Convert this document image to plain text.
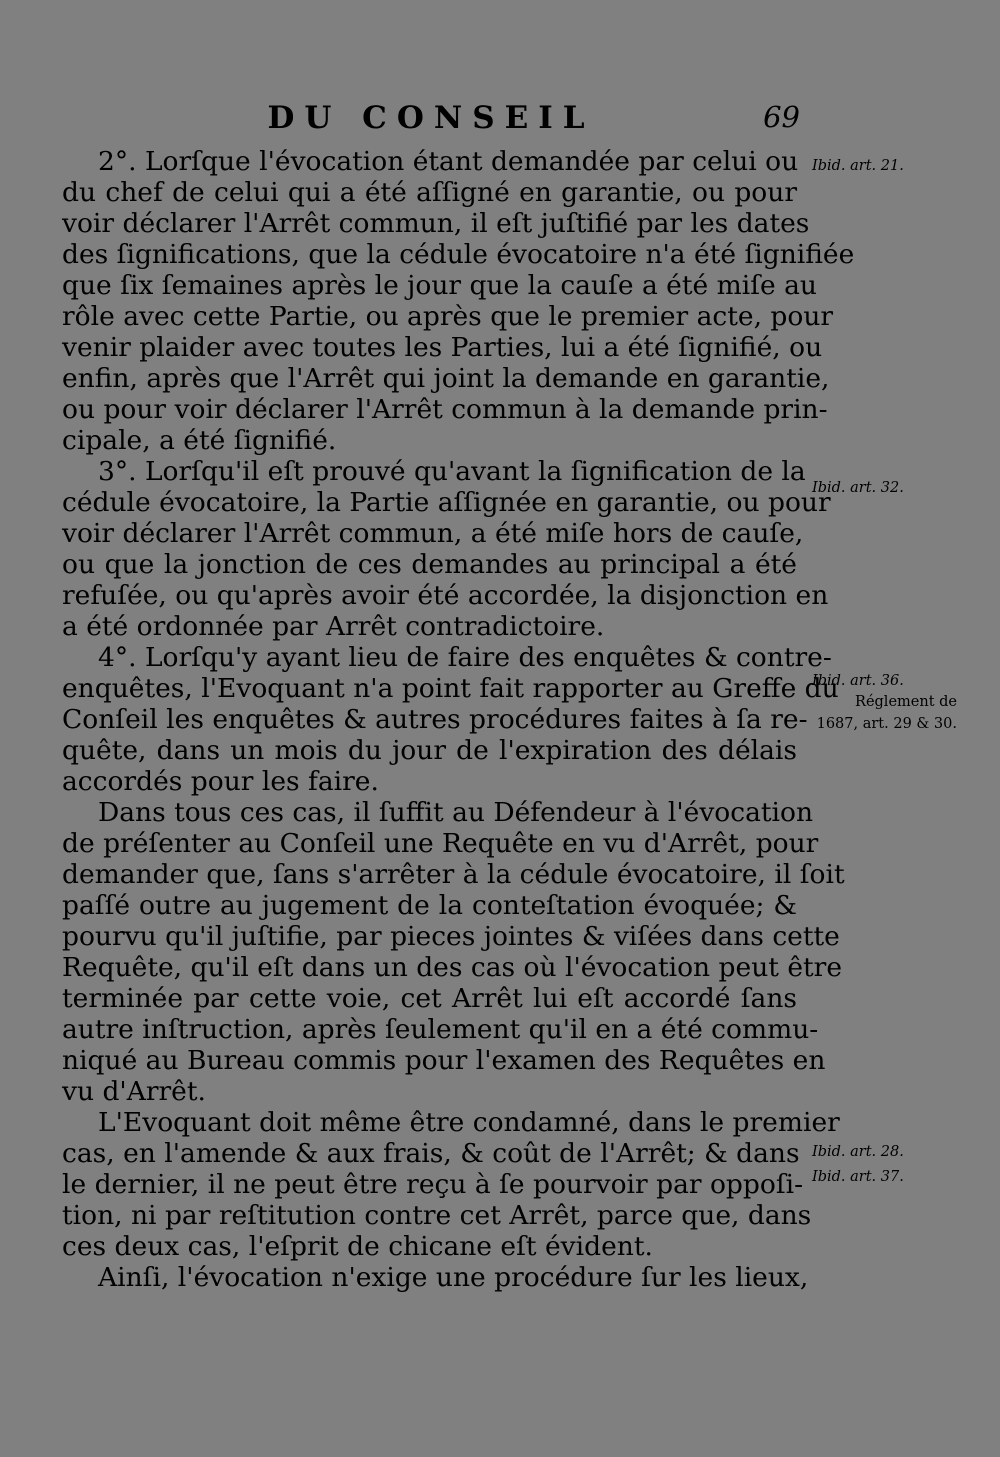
DU CONSEIL	69
2°. Lorſque l'évocation étant demandée par celui ou
du chef de celui qui a été aſſigné en garantie, ou pour
voir déclarer l'Arrêt commun, il eſt juſtifié par les dates
des ſignifications, que la cédule évocatoire n'a été ſignifiée
que ſix ſemaines après le jour que la cauſe a été miſe au
rôle avec cette Partie, ou après que le premier acte, pour
venir plaider avec toutes les Parties, lui a été ſignifié, ou
enfin, après que l'Arrêt qui joint la demande en garantie,
ou pour voir déclarer l'Arrêt commun à la demande prin-
cipale, a été ſignifié.
3°. Lorſqu'il eſt prouvé qu'avant la ſignification de la
cédule évocatoire, la Partie aſſignée en garantie, ou pour
voir déclarer l'Arrêt commun, a été miſe hors de cauſe,
ou que la jonction de ces demandes au principal a été
refuſée, ou qu'après avoir été accordée, la disjonction en
a été ordonnée par Arrêt contradictoire.
4°. Lorſqu'y ayant lieu de faire des enquêtes & contre-
enquêtes, l'Evoquant n'a point fait rapporter au Greffe du
Conſeil les enquêtes & autres procédures faites à ſa re-
quête, dans un mois du jour de l'expiration des délais
accordés pour les faire.
Dans tous ces cas, il ſuffit au Défendeur à l'évocation
de préſenter au Conſeil une Requête en vu d'Arrêt, pour
demander que, ſans s'arrêter à la cédule évocatoire, il ſoit
paſſé outre au jugement de la conteſtation évoquée; &
pourvu qu'il juſtifie, par pieces jointes & viſées dans cette
Requête, qu'il eſt dans un des cas où l'évocation peut être
terminée par cette voie, cet Arrêt lui eſt accordé ſans
autre inſtruction, après ſeulement qu'il en a été commu-
niqué au Bureau commis pour l'examen des Requêtes en
vu d'Arrêt.
L'Evoquant doit même être condamné, dans le premier
cas, en l'amende & aux frais, & coût de l'Arrêt; & dans
le dernier, il ne peut être reçu à ſe pourvoir par oppoſi-
tion, ni par reſtitution contre cet Arrêt, parce que, dans
ces deux cas, l'eſprit de chicane eſt évident.
Ainſi, l'évocation n'exige une procédure ſur les lieux,
Ibid. art. 21.
Ibid. art. 32.
Ibid. art. 36.
Réglement de
1687, art. 29 & 30.
Ibid. art. 28.
Ibid. art. 37.
